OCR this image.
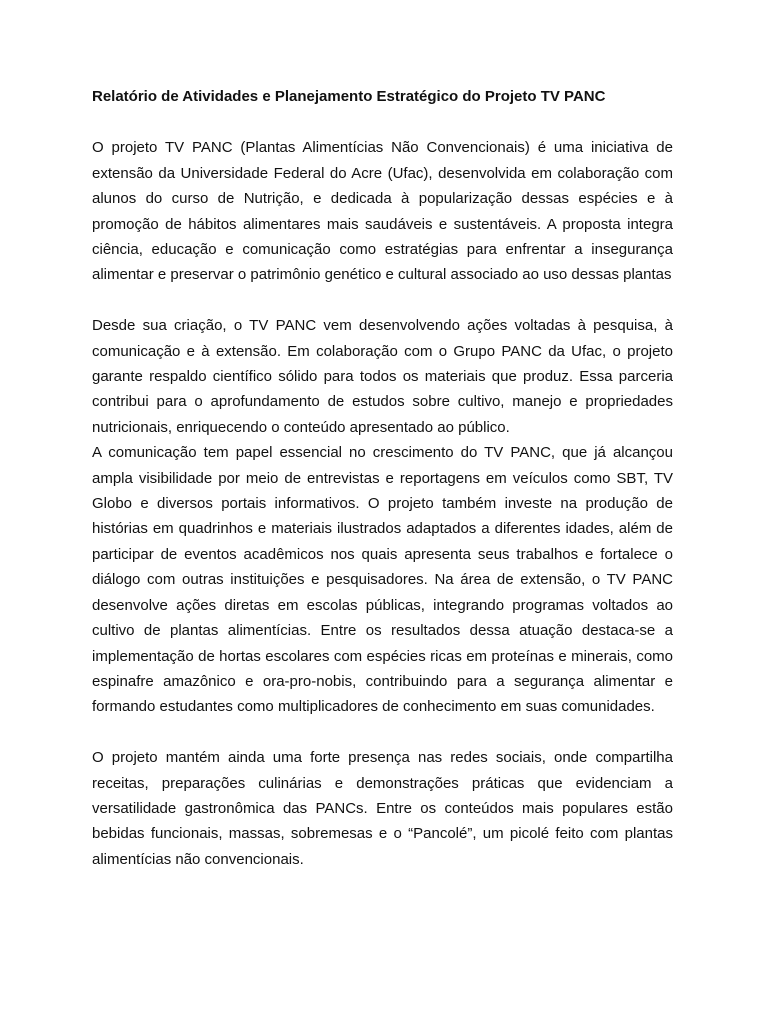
Relatório de Atividades e Planejamento Estratégico do Projeto TV PANC

O projeto TV PANC (Plantas Alimentícias Não Convencionais) é uma iniciativa de extensão da Universidade Federal do Acre (Ufac), desenvolvida em colaboração com alunos do curso de Nutrição, e dedicada à popularização dessas espécies e à promoção de hábitos alimentares mais saudáveis e sustentáveis. A proposta integra ciência, educação e comunicação como estratégias para enfrentar a insegurança alimentar e preservar o patrimônio genético e cultural associado ao uso dessas plantas

Desde sua criação, o TV PANC vem desenvolvendo ações voltadas à pesquisa, à comunicação e à extensão. Em colaboração com o Grupo PANC da Ufac, o projeto garante respaldo científico sólido para todos os materiais que produz. Essa parceria contribui para o aprofundamento de estudos sobre cultivo, manejo e propriedades nutricionais, enriquecendo o conteúdo apresentado ao público.

A comunicação tem papel essencial no crescimento do TV PANC, que já alcançou ampla visibilidade por meio de entrevistas e reportagens em veículos como SBT, TV Globo e diversos portais informativos. O projeto também investe na produção de histórias em quadrinhos e materiais ilustrados adaptados a diferentes idades, além de participar de eventos acadêmicos nos quais apresenta seus trabalhos e fortalece o diálogo com outras instituições e pesquisadores. Na área de extensão, o TV PANC desenvolve ações diretas em escolas públicas, integrando programas voltados ao cultivo de plantas alimentícias. Entre os resultados dessa atuação destaca-se a implementação de hortas escolares com espécies ricas em proteínas e minerais, como espinafre amazônico e ora-pro-nobis, contribuindo para a segurança alimentar e formando estudantes como multiplicadores de conhecimento em suas comunidades.

O projeto mantém ainda uma forte presença nas redes sociais, onde compartilha receitas, preparações culinárias e demonstrações práticas que evidenciam a versatilidade gastronômica das PANCs. Entre os conteúdos mais populares estão bebidas funcionais, massas, sobremesas e o “Pancolé”, um picolé feito com plantas alimentícias não convencionais.
